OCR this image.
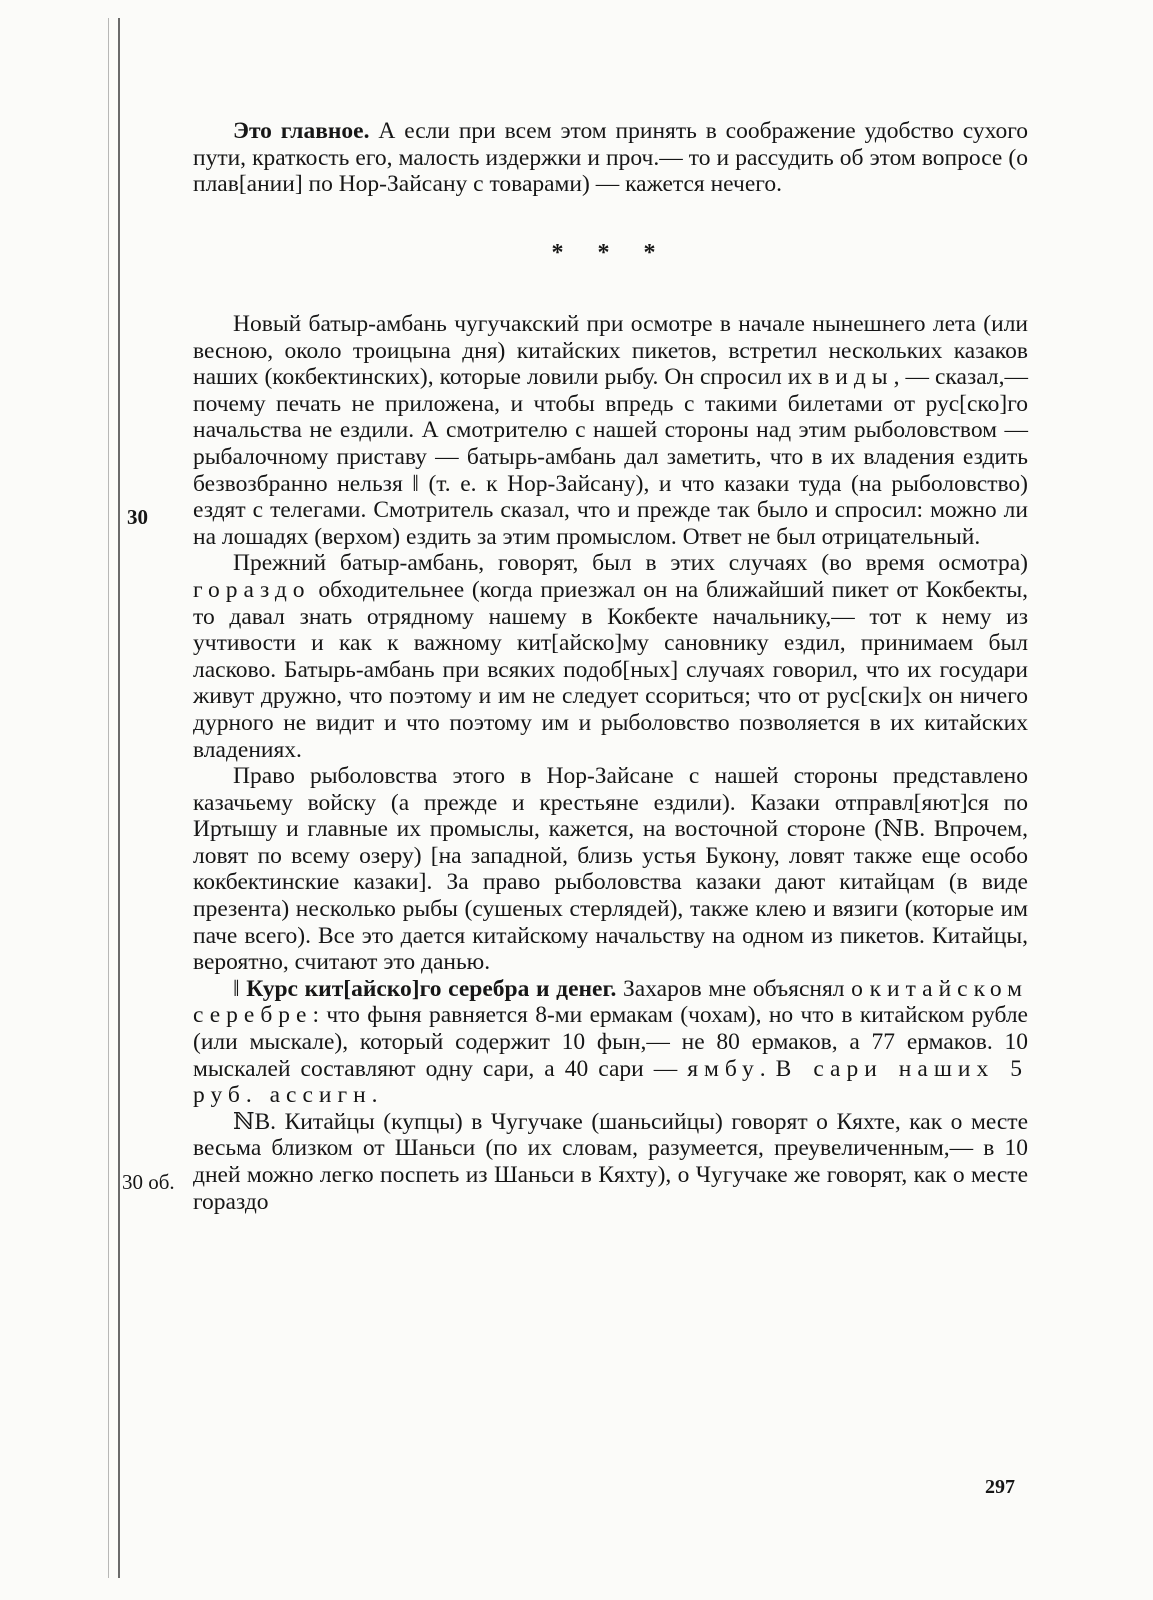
Это главное. А если при всем этом принять в соображение удобство сухого пути, краткость его, малость издержки и проч.— то и рассудить об этом вопросе (о плав[ании] по Нор-Зайсану с товарами) — кажется нечего.

* * *

Новый батыр-амбань чугучакский при осмотре в начале нынешнего лета (или весною, около троицына дня) китайских пикетов, встретил нескольких казаков наших (кокбектинских), которые ловили рыбу. Он спросил их виды, — сказал,— почему печать не приложена, и чтобы впредь с такими билетами от рус[ско]го начальства не ездили. А смотрителю с нашей стороны над этим рыболовством — рыбалочному приставу — батырь-амбань дал заметить, что в их владения ездить безвозбранно нельзя ‖ (т. е. к Нор-Зайсану), и что казаки туда (на рыболовство) ездят с телегами. Смотритель сказал, что и прежде так было и спросил: можно ли на лошадях (верхом) ездить за этим промыслом. Ответ не был отрицательный.

Прежний батыр-амбань, говорят, был в этих случаях (во время осмотра) гораздо обходительнее (когда приезжал он на ближайший пикет от Кокбекты, то давал знать отрядному нашему в Кокбекте начальнику,— тот к нему из учтивости и как к важному кит[айско]му сановнику ездил, принимаем был ласково. Батырь-амбань при всяких подоб[ных] случаях говорил, что их государи живут дружно, что поэтому и им не следует ссориться; что от рус[ски]х он ничего дурного не видит и что поэтому им и рыболовство позволяется в их китайских владениях.

Право рыболовства этого в Нор-Зайсане с нашей стороны представлено казачьему войску (а прежде и крестьяне ездили). Казаки отправл[яют]ся по Иртышу и главные их промыслы, кажется, на восточной стороне (ℕB. Впрочем, ловят по всему озеру) [на западной, близь устья Букону, ловят также еще особо кокбектинские казаки]. За право рыболовства казаки дают китайцам (в виде презента) несколько рыбы (сушеных стерлядей), также клею и вязиги (которые им паче всего). Все это дается китайскому начальству на одном из пикетов. Китайцы, вероятно, считают это данью.

‖ Курс кит[айско]го серебра и денег. Захаров мне объяснял о китайском серебре: что фыня равняется 8-ми ермакам (чохам), но что в китайском рубле (или мыскале), который содержит 10 фын,— не 80 ермаков, а 77 ермаков. 10 мыскалей составляют одну сари, а 40 сари — ямбу. В сари наших 5 руб. ассигн.

ℕB. Китайцы (купцы) в Чугучаке (шаньсийцы) говорят о Кяхте, как о месте весьма близком от Шаньси (по их словам, разумеется, преувеличенным,— в 10 дней можно легко поспеть из Шаньси в Кяхту), о Чугучаке же говорят, как о месте гораздо

30
30 об.
297
